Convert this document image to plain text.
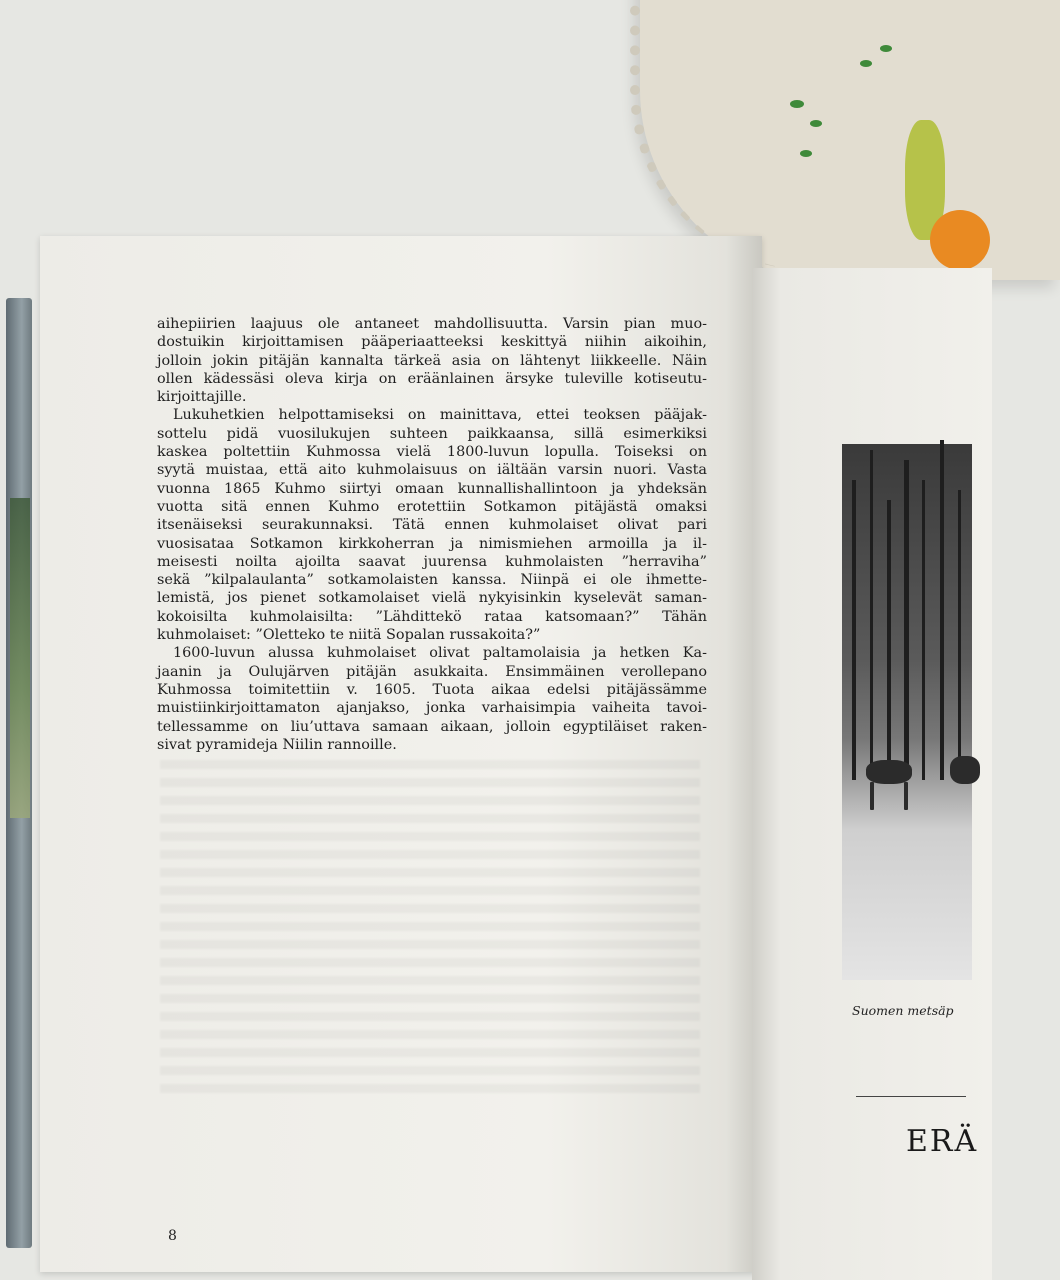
aihepiirien laajuus ole antaneet mahdollisuutta. Varsin pian muo-
dostuikin kirjoittamisen pääperiaatteeksi keskittyä niihin aikoihin,
jolloin jokin pitäjän kannalta tärkeä asia on lähtenyt liikkeelle. Näin
ollen kädessäsi oleva kirja on eräänlainen ärsyke tuleville kotiseutu-
kirjoittajille.
Lukuhetkien helpottamiseksi on mainittava, ettei teoksen pääjak-
sottelu pidä vuosilukujen suhteen paikkaansa, sillä esimerkiksi
kaskea poltettiin Kuhmossa vielä 1800-luvun lopulla. Toiseksi on
syytä muistaa, että aito kuhmolaisuus on iältään varsin nuori. Vasta
vuonna 1865 Kuhmo siirtyi omaan kunnallishallintoon ja yhdeksän
vuotta sitä ennen Kuhmo erotettiin Sotkamon pitäjästä omaksi
itsenäiseksi seurakunnaksi. Tätä ennen kuhmolaiset olivat pari
vuosisataa Sotkamon kirkkoherran ja nimismiehen armoilla ja il-
meisesti noilta ajoilta saavat juurensa kuhmolaisten ”herraviha”
sekä ”kilpalaulanta” sotkamolaisten kanssa. Niinpä ei ole ihmette-
lemistä, jos pienet sotkamolaiset vielä nykyisinkin kyselevät saman-
kokoisilta kuhmolaisilta: ”Lähdittekö rataa katsomaan?” Tähän
kuhmolaiset: ”Oletteko te niitä Sopalan russakoita?”
1600-luvun alussa kuhmolaiset olivat paltamolaisia ja hetken Ka-
jaanin ja Oulujärven pitäjän asukkaita. Ensimmäinen verollepano
Kuhmossa toimitettiin v. 1605. Tuota aikaa edelsi pitäjässämme
muistiinkirjoittamaton ajanjakso, jonka varhaisimpia vaiheita tavoi-
tellessamme on liu’uttava samaan aikaan, jolloin egyptiläiset raken-
sivat pyramideja Niilin rannoille.
8
Suomen metsäp
ERÄ
